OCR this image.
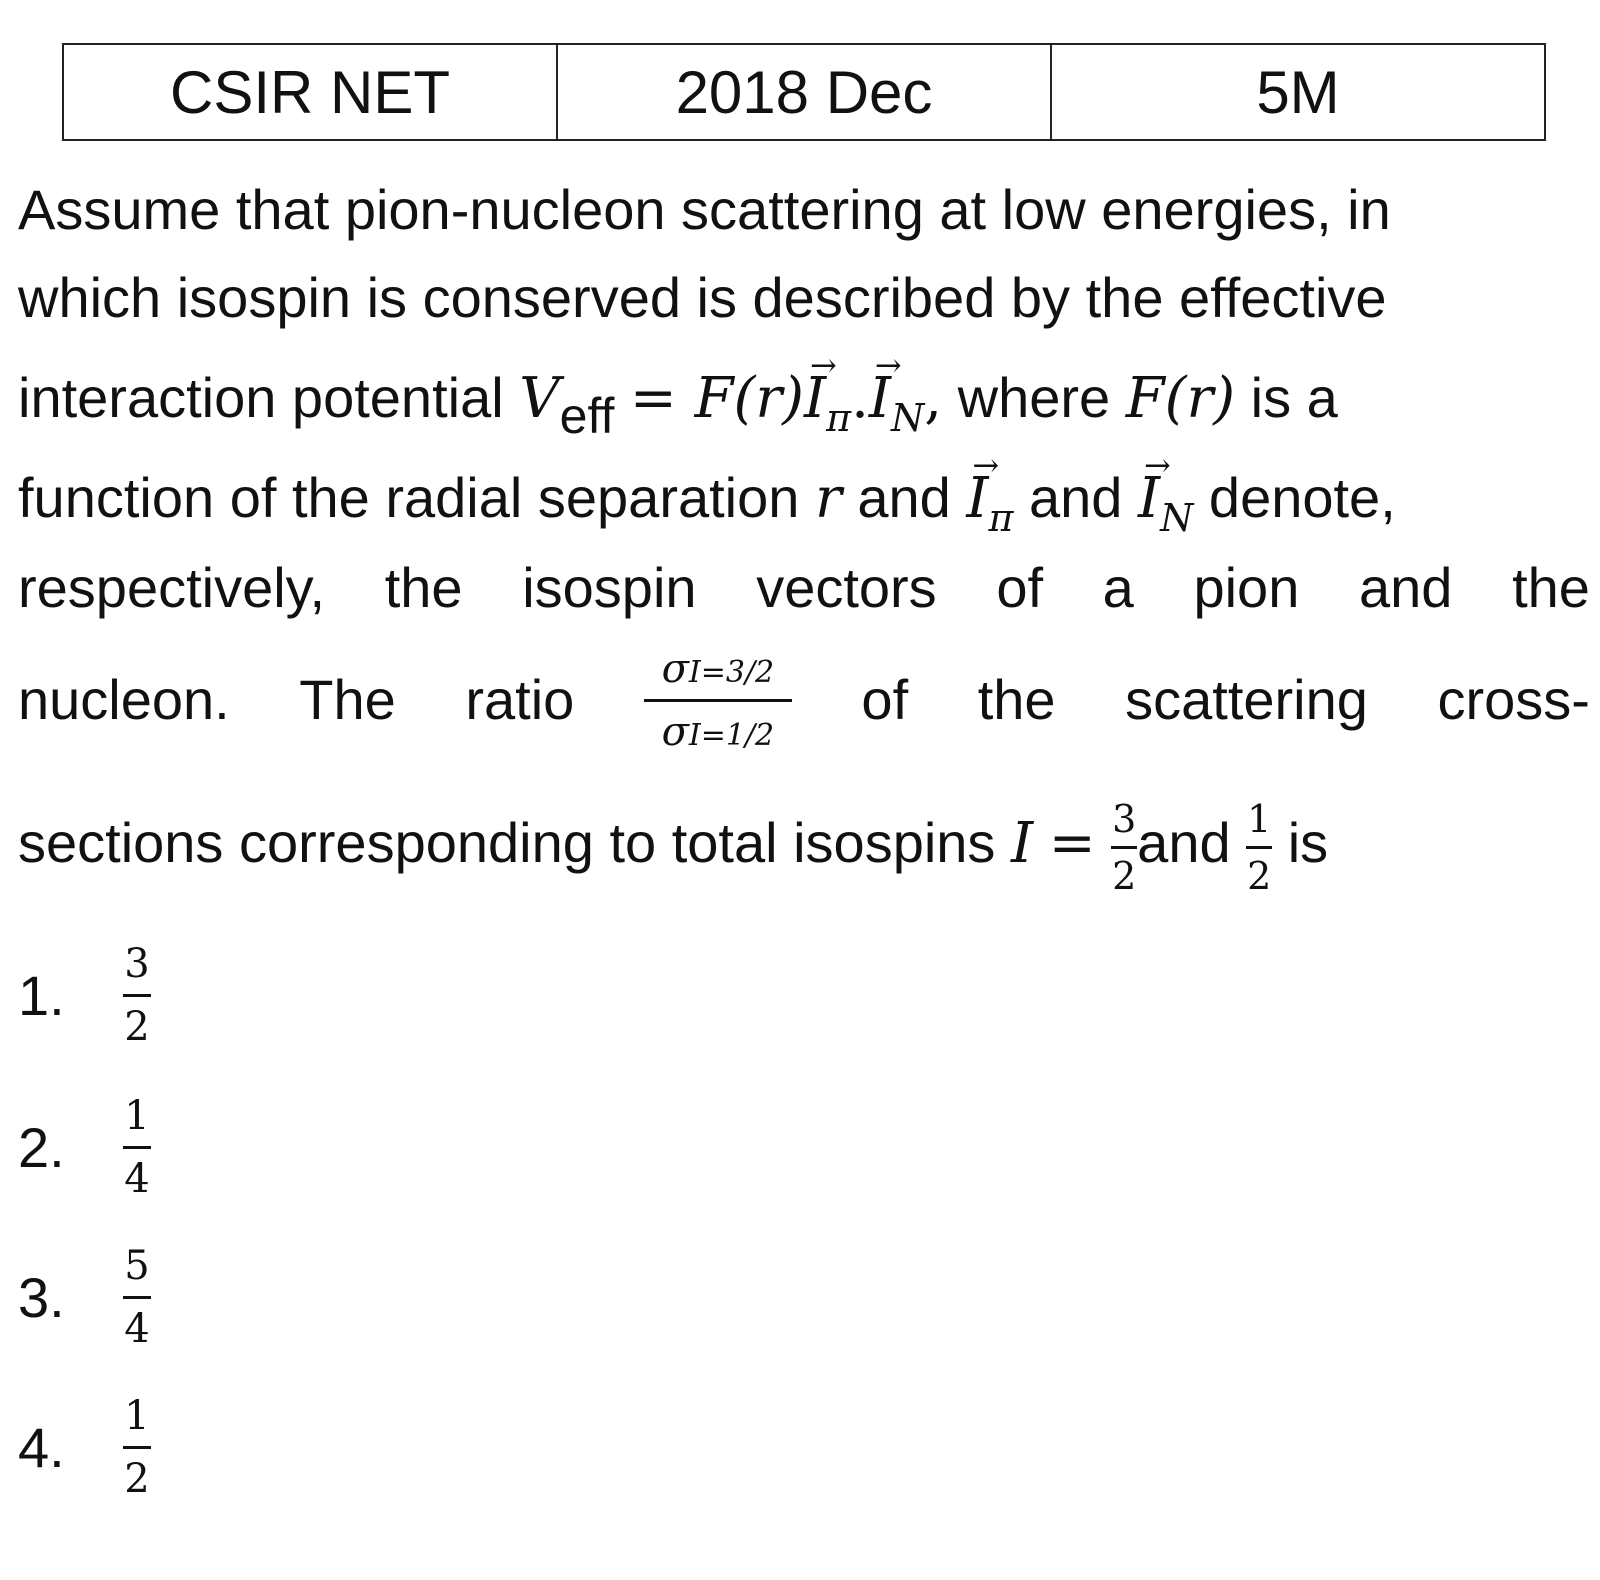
CSIR NET	2018 Dec	5M
Assume that pion-nucleon scattering at low energies, in
which isospin is conserved is described by the effective
interaction potential Veff = F(r)
→
$I_\pi$.
→
$I_N$, where F(r) is a
function of the radial separation r and
→
$I_\pi$ and
→
$I_N$ denote,
respectively, the isospin vectors of a pion and the
nucleon. The ratio $\frac{\sigma I=3/2}{\sigma I=1/2}$ of the scattering cross-
sections corresponding to total isospins $I = \frac{3}{2}$ and $\frac{1}{2}$ is
1.	$\frac{3}{2}$
2.	$\frac{1}{4}$
3.	$\frac{5}{4}$
4.	$\frac{1}{2}$
